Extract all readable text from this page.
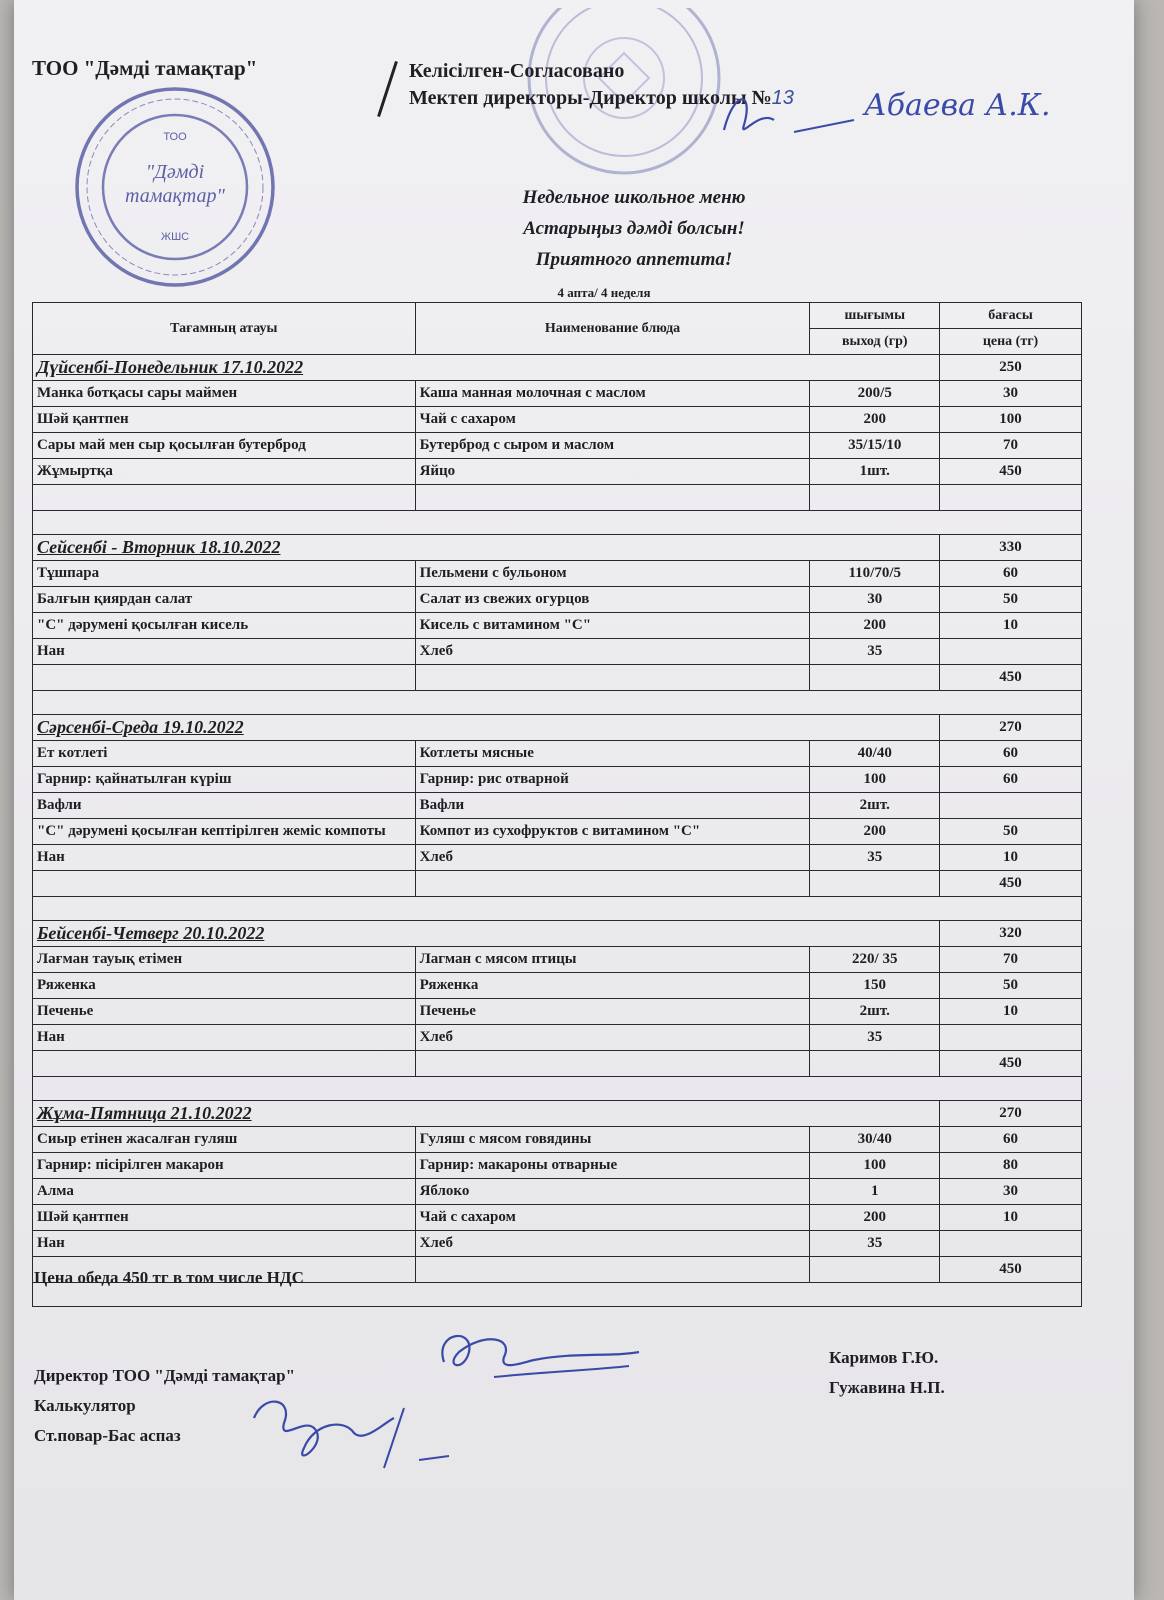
ТОО
"Дәмді
тамақтар"
ЖШС
ТОО "Дәмді тамақтар"	Келісілген-Согласовано
Мектеп директоры-Директор школы №13 Абаева А.К.
Недельное школьное меню
Астарыңыз дәмді болсын!
Приятного аппетита!
4 апта/ 4 неделя
Тағамның атауы	Наименование блюда	шығымы	бағасы
		выход (гр)	цена (тг)
Дүйсенбі-Понедельник 17.10.2022			250
Манка ботқасы сары маймен	Каша манная молочная с маслом	200/5	30
Шәй қантпен	Чай с сахаром	200	100
Сары май мен сыр қосылған бутерброд	Бутерброд с сыром и маслом	35/15/10	70
Жұмыртқа	Яйцо	1шт.	450

Сейсенбі - Вторник 18.10.2022			330
Тұшпара	Пельмени с бульоном	110/70/5	60
Балғын қиярдан салат	Салат из свежих огурцов	30	50
"С" дәрумені қосылған кисель	Кисель с витамином "С"	200	10
Нан	Хлеб	35	
			450

Сәрсенбі-Среда 19.10.2022			270
Ет котлеті	Котлеты мясные	40/40	60
Гарнир: қайнатылған күріш	Гарнир: рис отварной	100	60
Вафли	Вафли	2шт.	
"С" дәрумені қосылған кептірілген жеміс компоты	Компот из сухофруктов с витамином "С"	200	50
Нан	Хлеб	35	10
			450

Бейсенбі-Четверг 20.10.2022			320
Лағман тауық етімен	Лагман с мясом птицы	220/ 35	70
Ряженка	Ряженка	150	50
Печенье	Печенье	2шт.	10
Нан	Хлеб	35	
			450

Жұма-Пятница 21.10.2022			270
Сиыр етінен жасалған гуляш	Гуляш с мясом говядины	30/40	60
Гарнир: пісірілген макарон	Гарнир: макароны отварные	100	80
Алма	Яблоко	1	30
Шәй қантпен	Чай с сахаром	200	10
Нан	Хлеб	35	
			450

Цена обеда 450 тг в том числе НДС
Директор ТОО "Дәмді тамақтар"
Калькулятор
Ст.повар-Бас аспаз
Каримов Г.Ю.
Гужавина Н.П.
